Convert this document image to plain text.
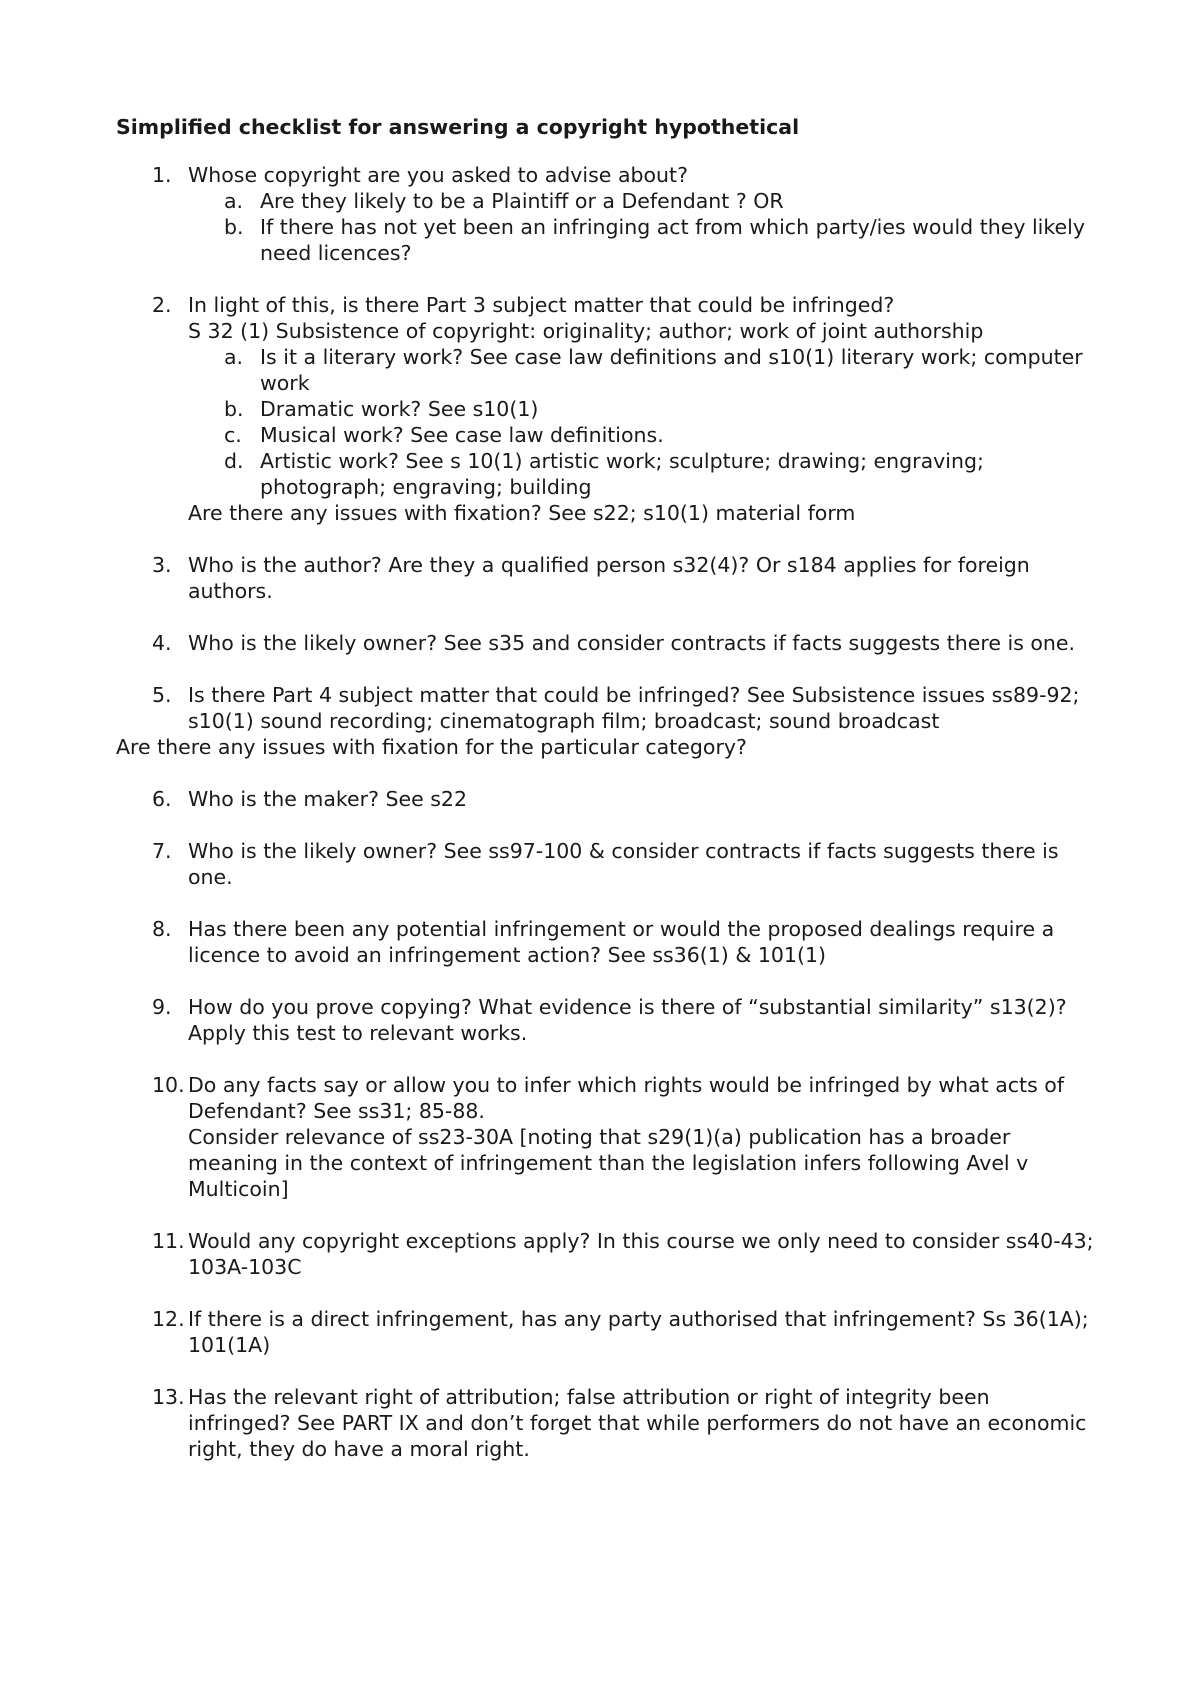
Simplified checklist for answering a copyright hypothetical
1. Whose copyright are you asked to advise about?
a. Are they likely to be a Plaintiff or a Defendant ? OR
b. If there has not yet been an infringing act from which party/ies would they likely need licences?
2. In light of this, is there Part 3 subject matter that could be infringed?
S 32 (1) Subsistence of copyright: originality; author; work of joint authorship
a. Is it a literary work? See case law definitions and s10(1) literary work; computer work
b. Dramatic work? See s10(1)
c. Musical work? See case law definitions.
d. Artistic work? See s 10(1) artistic work; sculpture; drawing; engraving; photograph; engraving; building
Are there any issues with fixation? See s22; s10(1) material form
3. Who is the author? Are they a qualified person s32(4)? Or s184 applies for foreign authors.
4. Who is the likely owner? See s35 and consider contracts if facts suggests there is one.
5. Is there Part 4 subject matter that could be infringed? See Subsistence issues ss89-92; s10(1) sound recording; cinematograph film; broadcast; sound broadcast
Are there any issues with fixation for the particular category?
6. Who is the maker? See s22
7. Who is the likely owner? See ss97-100 & consider contracts if facts suggests there is one.
8. Has there been any potential infringement or would the proposed dealings require a licence to avoid an infringement action? See ss36(1) & 101(1)
9. How do you prove copying? What evidence is there of “substantial similarity” s13(2)?
Apply this test to relevant works.
10. Do any facts say or allow you to infer which rights would be infringed by what acts of Defendant? See ss31; 85-88.
Consider relevance of ss23-30A [noting that s29(1)(a) publication has a broader meaning in the context of infringement than the legislation infers following Avel v Multicoin]
11. Would any copyright exceptions apply? In this course we only need to consider ss40-43; 103A-103C
12. If there is a direct infringement, has any party authorised that infringement? Ss 36(1A); 101(1A)
13. Has the relevant right of attribution; false attribution or right of integrity been infringed? See PART IX and don’t forget that while performers do not have an economic right, they do have a moral right.
